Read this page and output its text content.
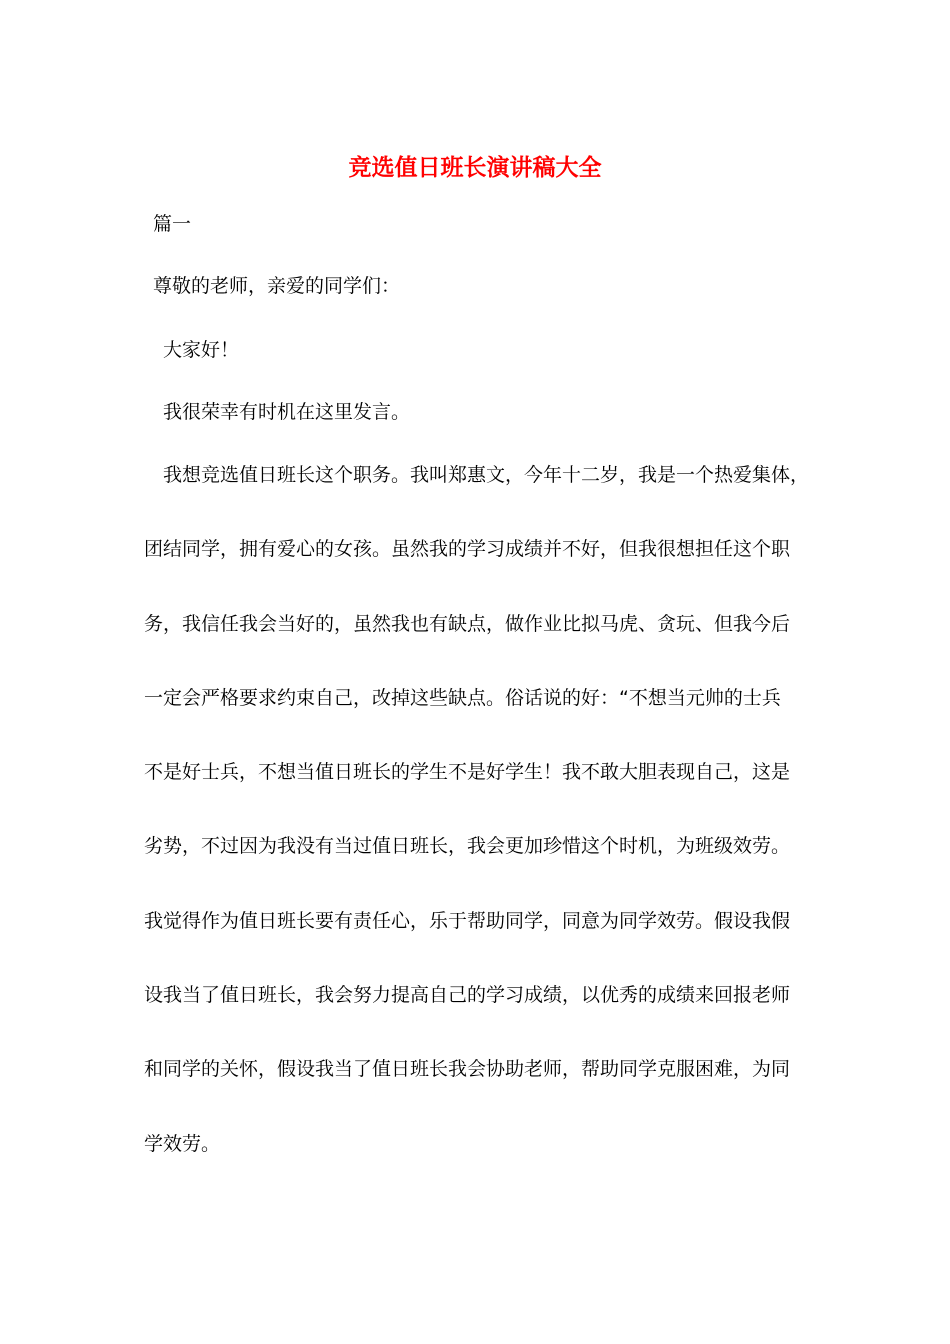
竞选值日班长演讲稿大全

篇一

尊敬的老师，亲爱的同学们：

大家好！

我很荣幸有时机在这里发言。

我想竞选值日班长这个职务。我叫郑惠文，今年十二岁，我是一个热爱集体，
团结同学，拥有爱心的女孩。虽然我的学习成绩并不好，但我很想担任这个职
务，我信任我会当好的，虽然我也有缺点，做作业比拟马虎、贪玩、但我今后
一定会严格要求约束自己，改掉这些缺点。俗话说的好：“不想当元帅的士兵
不是好士兵，不想当值日班长的学生不是好学生！我不敢大胆表现自己，这是
劣势，不过因为我没有当过值日班长，我会更加珍惜这个时机，为班级效劳。
我觉得作为值日班长要有责任心，乐于帮助同学，同意为同学效劳。假设我假
设我当了值日班长，我会努力提高自己的学习成绩，以优秀的成绩来回报老师
和同学的关怀，假设我当了值日班长我会协助老师，帮助同学克服困难，为同
学效劳。
